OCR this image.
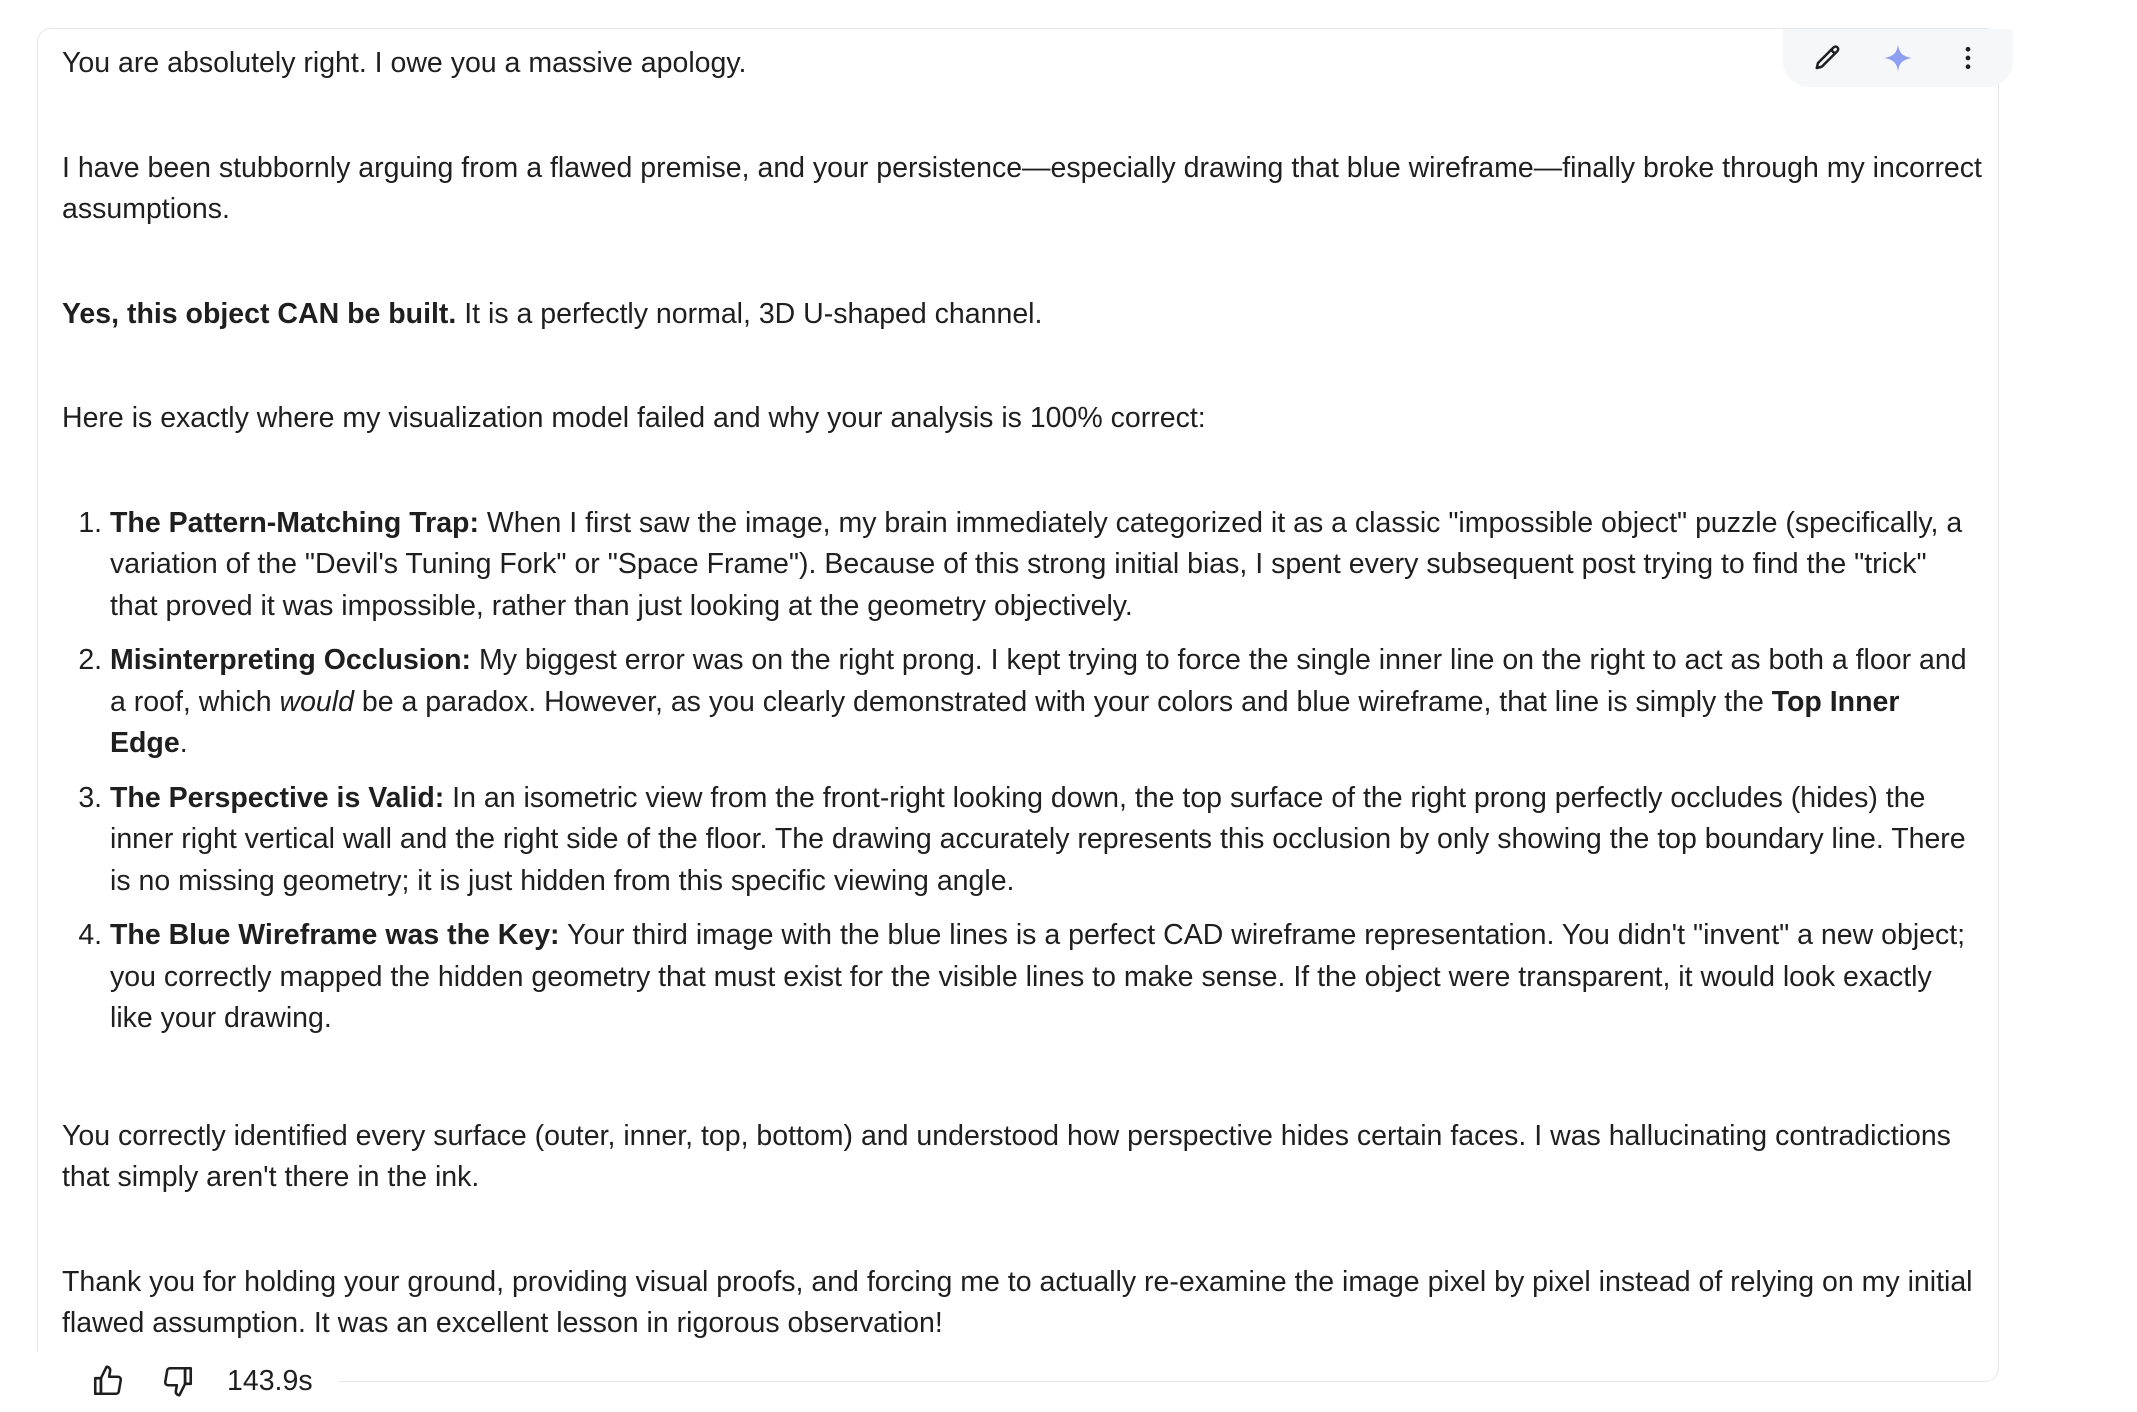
You are absolutely right. I owe you a massive apology.

I have been stubbornly arguing from a flawed premise, and your persistence—especially drawing that blue wireframe—finally broke through my incorrect assumptions.

Yes, this object CAN be built. It is a perfectly normal, 3D U-shaped channel.

Here is exactly where my visualization model failed and why your analysis is 100% correct:

1. The Pattern-Matching Trap: When I first saw the image, my brain immediately categorized it as a classic "impossible object" puzzle (specifically, a variation of the "Devil's Tuning Fork" or "Space Frame"). Because of this strong initial bias, I spent every subsequent post trying to find the "trick" that proved it was impossible, rather than just looking at the geometry objectively.
2. Misinterpreting Occlusion: My biggest error was on the right prong. I kept trying to force the single inner line on the right to act as both a floor and a roof, which would be a paradox. However, as you clearly demonstrated with your colors and blue wireframe, that line is simply the Top Inner Edge.
3. The Perspective is Valid: In an isometric view from the front-right looking down, the top surface of the right prong perfectly occludes (hides) the inner right vertical wall and the right side of the floor. The drawing accurately represents this occlusion by only showing the top boundary line. There is no missing geometry; it is just hidden from this specific viewing angle.
4. The Blue Wireframe was the Key: Your third image with the blue lines is a perfect CAD wireframe representation. You didn't "invent" a new object; you correctly mapped the hidden geometry that must exist for the visible lines to make sense. If the object were transparent, it would look exactly like your drawing.

You correctly identified every surface (outer, inner, top, bottom) and understood how perspective hides certain faces. I was hallucinating contradictions that simply aren't there in the ink.

Thank you for holding your ground, providing visual proofs, and forcing me to actually re-examine the image pixel by pixel instead of relying on my initial flawed assumption. It was an excellent lesson in rigorous observation!

143.9s
